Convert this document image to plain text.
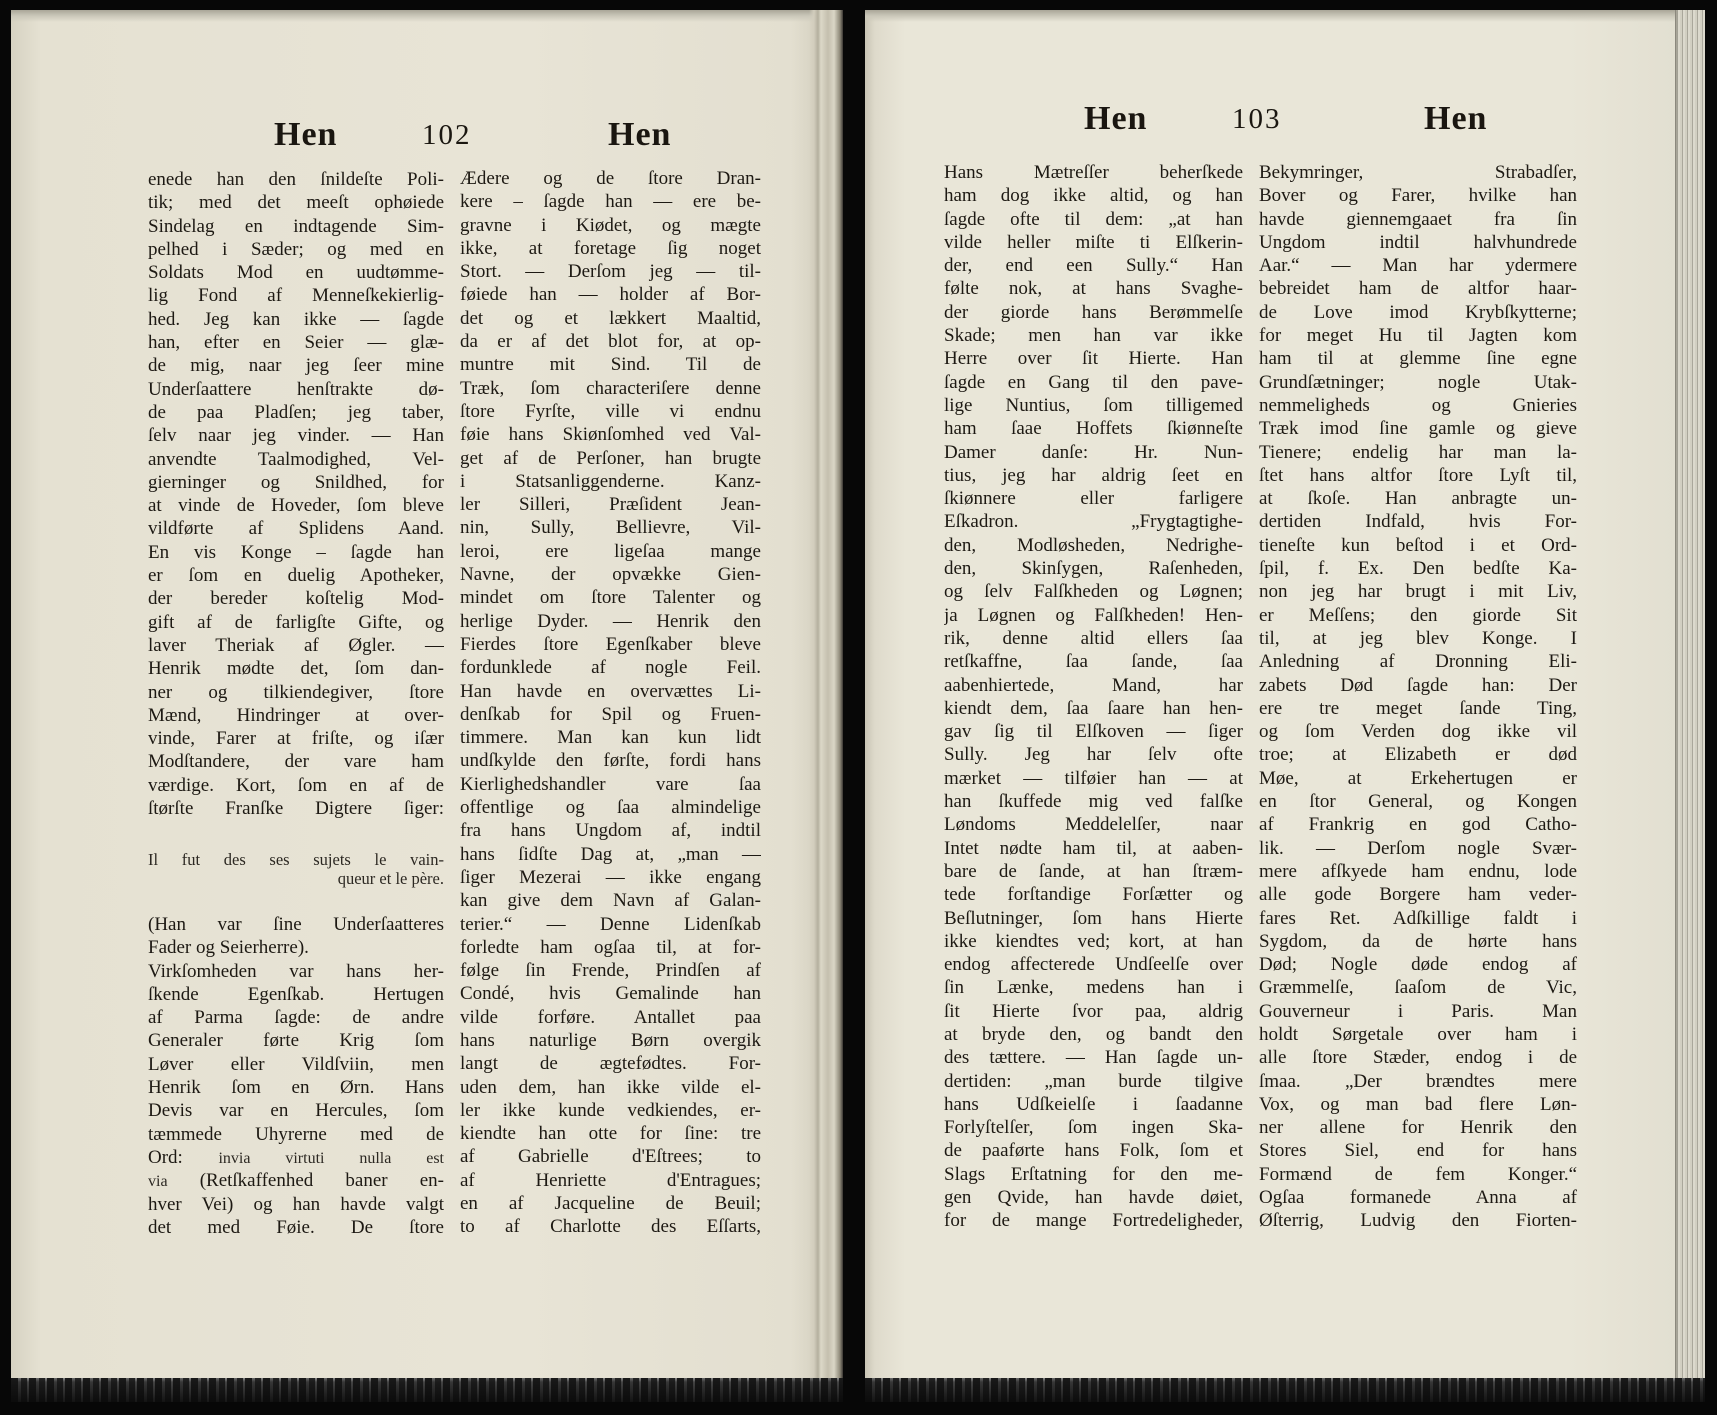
Hen	102	Hen
enede han den ſnildeſte Poli-
tik; med det meeſt ophøiede
Sindelag en indtagende Sim-
pelhed i Sæder; og med en
Soldats Mod en uudtømme-
lig Fond af Menneſkekierlig-
hed. Jeg kan ikke — ſagde
han, efter en Seier — glæ-
de mig, naar jeg ſeer mine
Underſaattere henſtrakte dø-
de paa Pladſen; jeg taber,
ſelv naar jeg vinder. — Han
anvendte Taalmodighed, Vel-
gierninger og Snildhed, for
at vinde de Hoveder, ſom bleve
vildførte af Splidens Aand.
En vis Konge – ſagde han
er ſom en duelig Apotheker,
der bereder koſtelig Mod-
gift af de farligſte Gifte, og
laver Theriak af Øgler. —
Henrik mødte det, ſom dan-
ner og tilkiendegiver, ſtore
Mænd, Hindringer at over-
vinde, Farer at friſte, og iſær
Modſtandere, der vare ham
værdige. Kort, ſom en af de
ſtørſte Franſke Digtere ſiger:
Il fut des ses sujets le vain-
queur et le père.
(Han var ſine Underſaatteres
Fader og Seierherre).
Virkſomheden var hans her-
ſkende Egenſkab. Hertugen
af Parma ſagde: de andre
Generaler førte Krig ſom
Løver eller Vildſviin, men
Henrik ſom en Ørn. Hans
Devis var en Hercules, ſom
tæmmede Uhyrerne med de
Ord: invia virtuti nulla est
via (Retſkaffenhed baner en-
hver Vei) og han havde valgt
det med Føie. De ſtore
Ædere og de ſtore Dran-
kere – ſagde han — ere be-
gravne i Kiødet, og mægte
ikke, at foretage ſig noget
Stort. — Derſom jeg — til-
føiede han — holder af Bor-
det og et lækkert Maaltid,
da er af det blot for, at op-
muntre mit Sind. Til de
Træk, ſom characteriſere denne
ſtore Fyrſte, ville vi endnu
føie hans Skiønſomhed ved Val-
get af de Perſoner, han brugte
i Statsanliggenderne. Kanz-
ler Silleri, Præſident Jean-
nin, Sully, Bellievre, Vil-
leroi, ere ligeſaa mange
Navne, der opvække Gien-
mindet om ſtore Talenter og
herlige Dyder. — Henrik den
Fierdes ſtore Egenſkaber bleve
fordunklede af nogle Feil.
Han havde en overvættes Li-
denſkab for Spil og Fruen-
timmere. Man kan kun lidt
undſkylde den førſte, fordi hans
Kierlighedshandler vare ſaa
offentlige og ſaa almindelige
fra hans Ungdom af, indtil
hans ſidſte Dag at, „man —
ſiger Mezerai — ikke engang
kan give dem Navn af Galan-
terier.“ — Denne Lidenſkab
forledte ham ogſaa til, at for-
følge ſin Frende, Prindſen af
Condé, hvis Gemalinde han
vilde forføre. Antallet paa
hans naturlige Børn overgik
langt de ægtefødtes. For-
uden dem, han ikke vilde el-
ler ikke kunde vedkiendes, er-
kiendte han otte for ſine: tre
af Gabrielle d'Eſtrees; to
af Henriette d'Entragues;
en af Jacqueline de Beuil;
to af Charlotte des Eſſarts,
Hen	103	Hen
Hans Mætreſſer beherſkede
ham dog ikke altid, og han
ſagde ofte til dem: „at han
vilde heller miſte ti Elſkerin-
der, end een Sully.“ Han
følte nok, at hans Svaghe-
der giorde hans Berømmelſe
Skade; men han var ikke
Herre over ſit Hierte. Han
ſagde en Gang til den pave-
lige Nuntius, ſom tilligemed
ham ſaae Hoffets ſkiønneſte
Damer danſe: Hr. Nun-
tius, jeg har aldrig ſeet en
ſkiønnere eller farligere
Eſkadron. „Frygtagtighe-
den, Modløsheden, Nedrighe-
den, Skinſygen, Raſenheden,
og ſelv Falſkheden og Løgnen;
ja Løgnen og Falſkheden! Hen-
rik, denne altid ellers ſaa
retſkaffne, ſaa ſande, ſaa
aabenhiertede, Mand, har
kiendt dem, ſaa ſaare han hen-
gav ſig til Elſkoven — ſiger
Sully. Jeg har ſelv ofte
mærket — tilføier han — at
han ſkuffede mig ved falſke
Løndoms Meddelelſer, naar
Intet nødte ham til, at aaben-
bare de ſande, at han ſtræm-
tede forſtandige Forſætter og
Beſlutninger, ſom hans Hierte
ikke kiendtes ved; kort, at han
endog affecterede Undſeelſe over
ſin Lænke, medens han i
ſit Hierte ſvor paa, aldrig
at bryde den, og bandt den
des tættere. — Han ſagde un-
dertiden: „man burde tilgive
hans Udſkeielſe i ſaadanne
Forlyſtelſer, ſom ingen Ska-
de paaførte hans Folk, ſom et
Slags Erſtatning for den me-
gen Qvide, han havde døiet,
for de mange Fortredeligheder,
Bekymringer, Strabadſer,
Bover og Farer, hvilke han
havde giennemgaaet fra ſin
Ungdom indtil halvhundrede
Aar.“ — Man har ydermere
bebreidet ham de altfor haar-
de Love imod Krybſkytterne;
for meget Hu til Jagten kom
ham til at glemme ſine egne
Grundſætninger; nogle Utak-
nemmeligheds og Gnieries
Træk imod ſine gamle og gieve
Tienere; endelig har man la-
ſtet hans altfor ſtore Lyſt til,
at ſkoſe. Han anbragte un-
dertiden Indfald, hvis For-
tieneſte kun beſtod i et Ord-
ſpil, f. Ex. Den bedſte Ka-
non jeg har brugt i mit Liv,
er Meſſens; den giorde Sit
til, at jeg blev Konge. I
Anledning af Dronning Eli-
zabets Død ſagde han: Der
ere tre meget ſande Ting,
og ſom Verden dog ikke vil
troe; at Elizabeth er død
Møe, at Erkehertugen er
en ſtor General, og Kongen
af Frankrig en god Catho-
lik. — Derſom nogle Svær-
mere afſkyede ham endnu, lode
alle gode Borgere ham veder-
fares Ret. Adſkillige faldt i
Sygdom, da de hørte hans
Død; Nogle døde endog af
Græmmelſe, ſaaſom de Vic,
Gouverneur i Paris. Man
holdt Sørgetale over ham i
alle ſtore Stæder, endog i de
ſmaa. „Der brændtes mere
Vox, og man bad flere Løn-
ner allene for Henrik den
Stores Siel, end for hans
Formænd de fem Konger.“
Ogſaa formanede Anna af
Øſterrig, Ludvig den Fiorten-
